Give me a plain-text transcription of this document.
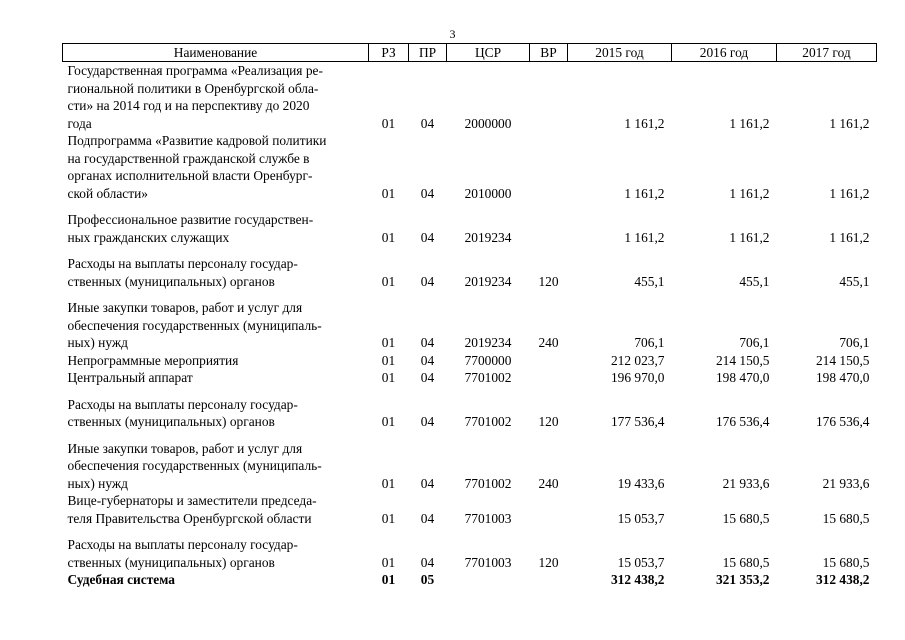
3
Наименование	РЗ	ПР	ЦСР	ВР	2015 год	2016 год	2017 год
Государственная программа «Реализация ре-
гиональной политики в Оренбургской обла-
сти» на 2014 год и на перспективу до 2020
года	01	04	2000000		1 161,2	1 161,2	1 161,2
Подпрограмма «Развитие кадровой политики
на государственной гражданской службе в
органах исполнительной власти Оренбург-
ской области»	01	04	2010000		1 161,2	1 161,2	1 161,2

Профессиональное развитие государствен-
ных гражданских служащих	01	04	2019234		1 161,2	1 161,2	1 161,2

Расходы на выплаты персоналу государ-
ственных (муниципальных) органов	01	04	2019234	120	455,1	455,1	455,1

Иные закупки товаров, работ и услуг для
обеспечения государственных (муниципаль-
ных) нужд	01	04	2019234	240	706,1	706,1	706,1
Непрограммные мероприятия	01	04	7700000		212 023,7	214 150,5	214 150,5
Центральный аппарат	01	04	7701002		196 970,0	198 470,0	198 470,0

Расходы на выплаты персоналу государ-
ственных (муниципальных) органов	01	04	7701002	120	177 536,4	176 536,4	176 536,4

Иные закупки товаров, работ и услуг для
обеспечения государственных (муниципаль-
ных) нужд	01	04	7701002	240	19 433,6	21 933,6	21 933,6
Вице-губернаторы и заместители председа-
теля Правительства Оренбургской области	01	04	7701003		15 053,7	15 680,5	15 680,5

Расходы на выплаты персоналу государ-
ственных (муниципальных) органов	01	04	7701003	120	15 053,7	15 680,5	15 680,5
Судебная система	01	05			312 438,2	321 353,2	312 438,2
